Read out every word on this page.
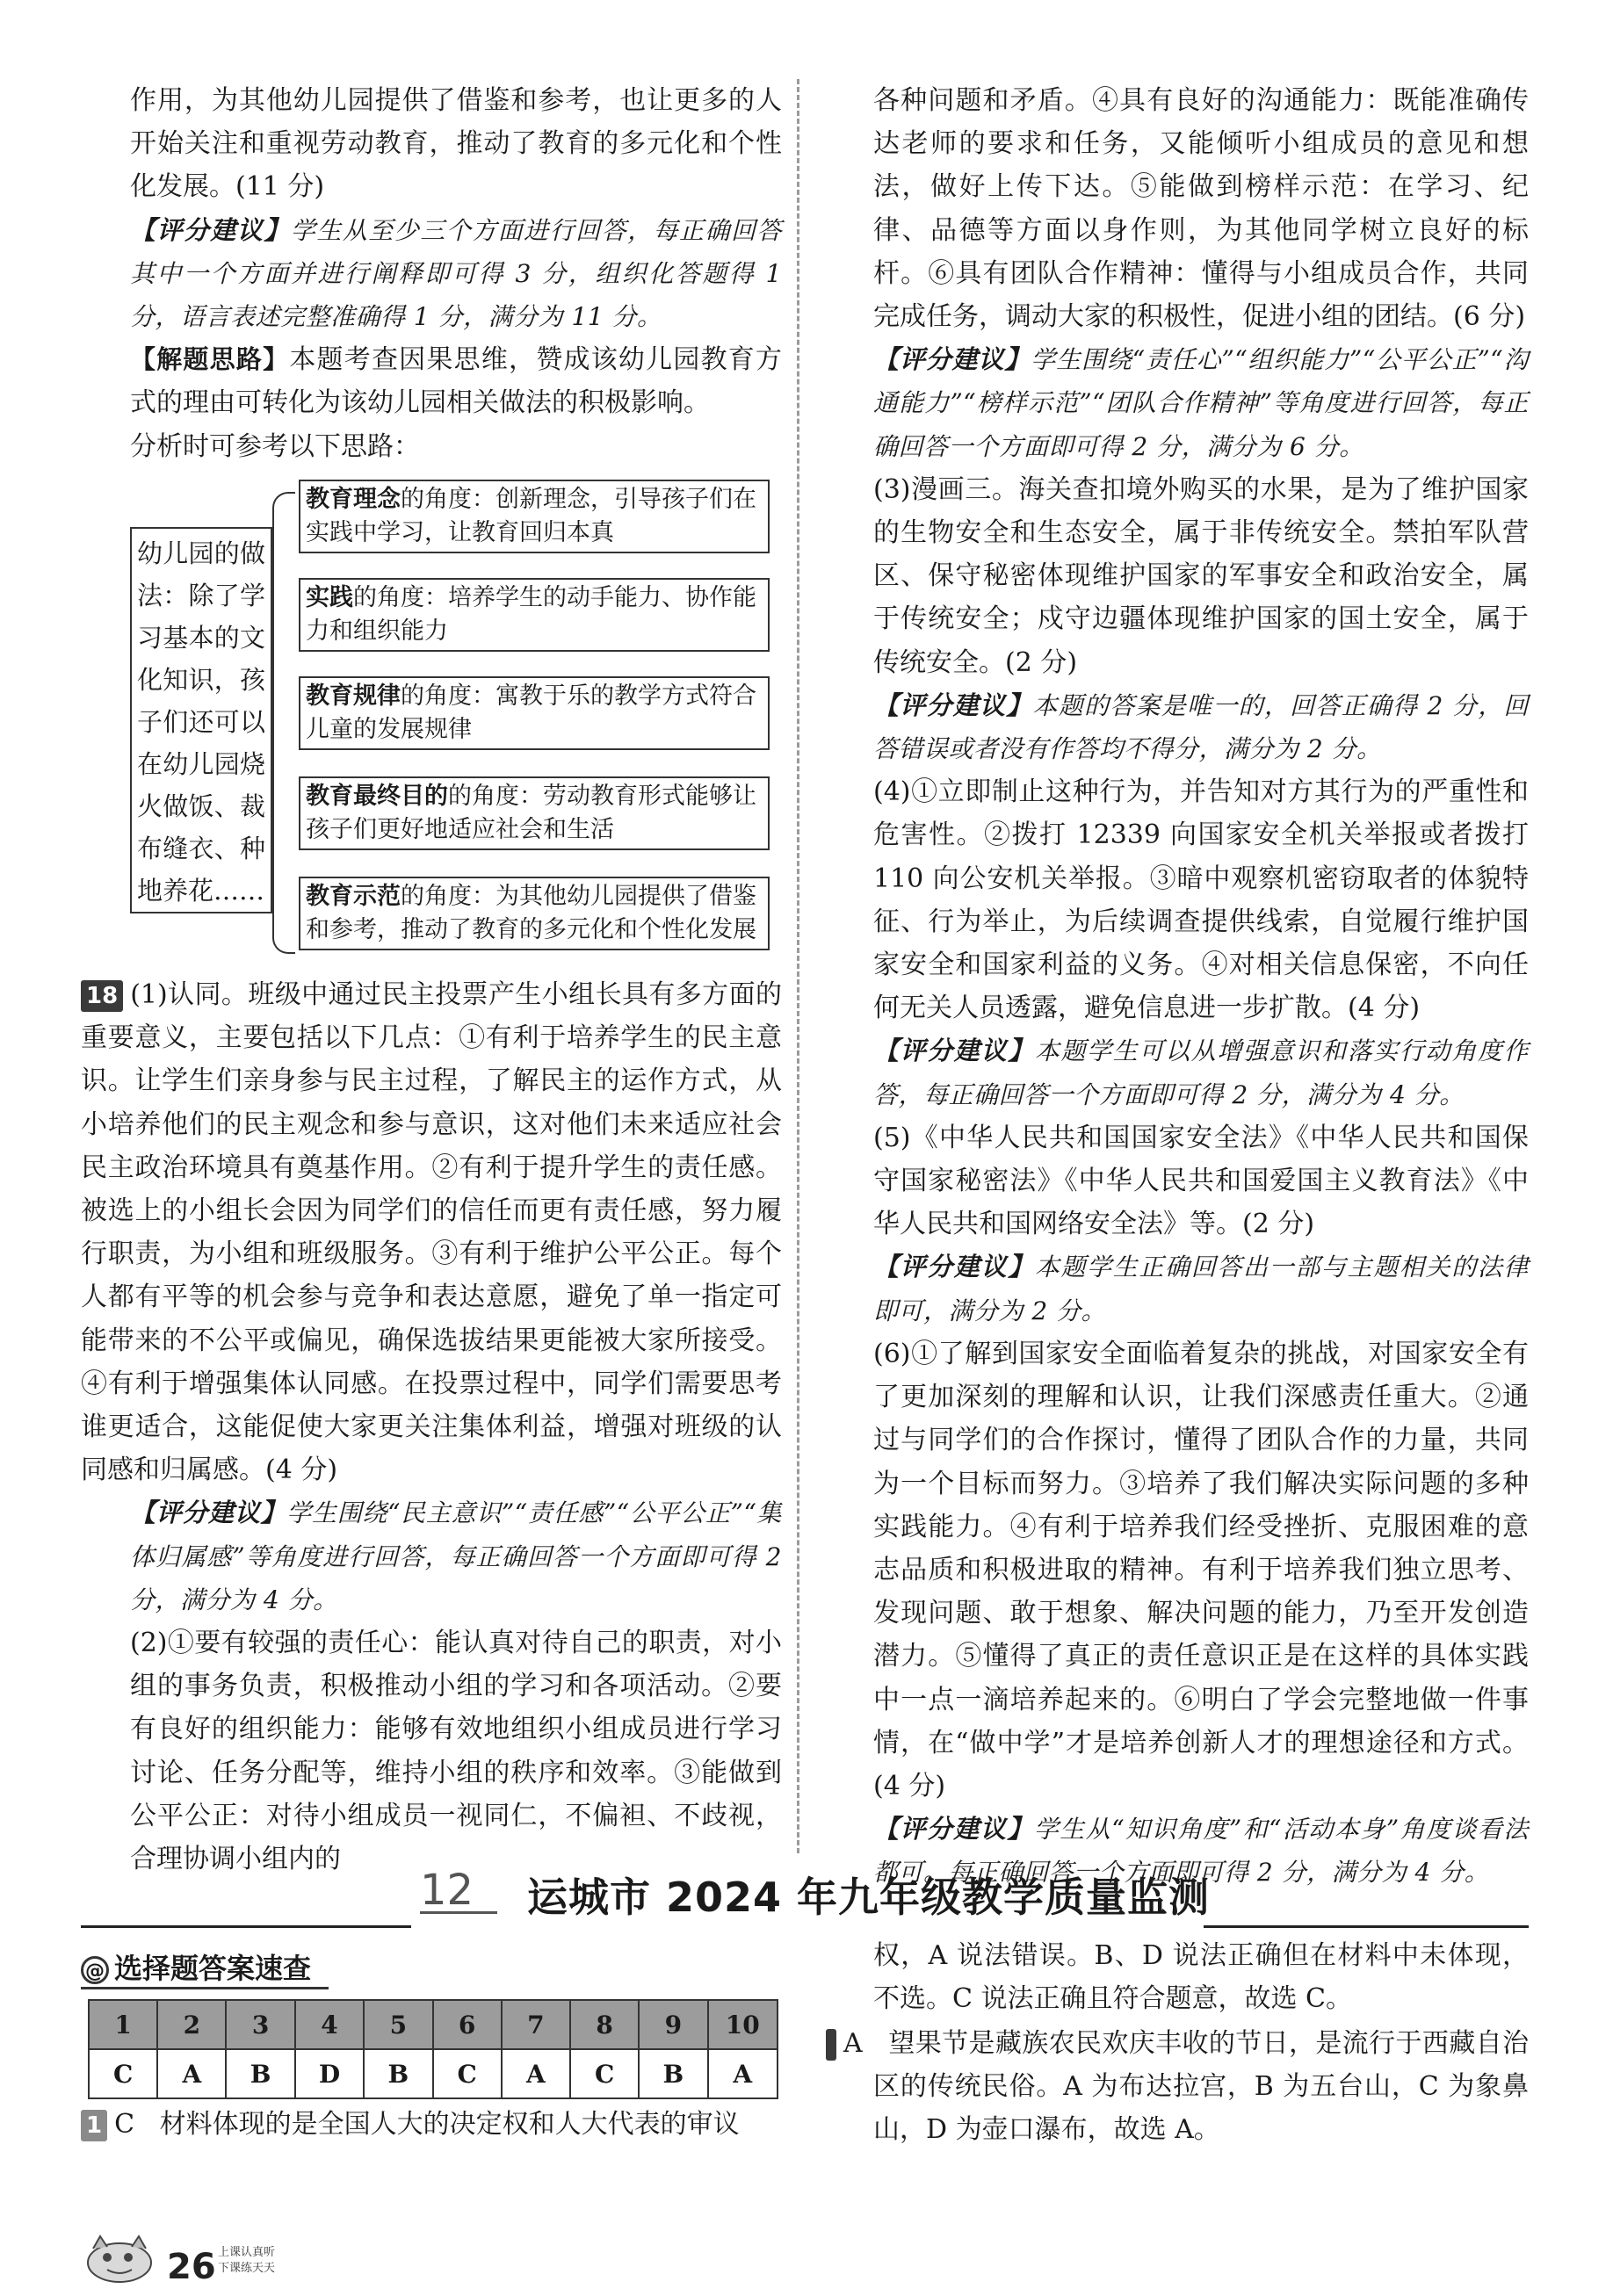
作用，为其他幼儿园提供了借鉴和参考，也让更多的人开始关注和重视劳动教育，推动了教育的多元化和个性化发展。(11 分)

【评分建议】学生从至少三个方面进行回答，每正确回答其中一个方面并进行阐释即可得 3 分，组织化答题得 1 分，语言表述完整准确得 1 分，满分为 11 分。

【解题思路】本题考查因果思维，赞成该幼儿园教育方式的理由可转化为该幼儿园相关做法的积极影响。

分析时可参考以下思路：

幼儿园的做法：除了学习基本的文化知识，孩子们还可以在幼儿园烧火做饭、裁布缝衣、种地养花……
教育理念的角度：创新理念，引导孩子们在实践中学习，让教育回归本真
实践的角度：培养学生的动手能力、协作能力和组织能力
教育规律的角度：寓教于乐的教学方式符合儿童的发展规律
教育最终目的的角度：劳动教育形式能够让孩子们更好地适应社会和生活
教育示范的角度：为其他幼儿园提供了借鉴和参考，推动了教育的多元化和个性化发展

18 (1)认同。班级中通过民主投票产生小组长具有多方面的重要意义，主要包括以下几点：①有利于培养学生的民主意识。让学生们亲身参与民主过程，了解民主的运作方式，从小培养他们的民主观念和参与意识，这对他们未来适应社会民主政治环境具有奠基作用。②有利于提升学生的责任感。被选上的小组长会因为同学们的信任而更有责任感，努力履行职责，为小组和班级服务。③有利于维护公平公正。每个人都有平等的机会参与竞争和表达意愿，避免了单一指定可能带来的不公平或偏见，确保选拔结果更能被大家所接受。④有利于增强集体认同感。在投票过程中，同学们需要思考谁更适合，这能促使大家更关注集体利益，增强对班级的认同感和归属感。(4 分)

【评分建议】学生围绕“民主意识”“责任感”“公平公正”“集体归属感”等角度进行回答，每正确回答一个方面即可得 2 分，满分为 4 分。

(2)①要有较强的责任心：能认真对待自己的职责，对小组的事务负责，积极推动小组的学习和各项活动。②要有良好的组织能力：能够有效地组织小组成员进行学习讨论、任务分配等，维持小组的秩序和效率。③能做到公平公正：对待小组成员一视同仁，不偏袒、不歧视，合理协调小组内的

各种问题和矛盾。④具有良好的沟通能力：既能准确传达老师的要求和任务，又能倾听小组成员的意见和想法，做好上传下达。⑤能做到榜样示范：在学习、纪律、品德等方面以身作则，为其他同学树立良好的标杆。⑥具有团队合作精神：懂得与小组成员合作，共同完成任务，调动大家的积极性，促进小组的团结。(6 分)

【评分建议】学生围绕“责任心”“组织能力”“公平公正”“沟通能力”“榜样示范”“团队合作精神”等角度进行回答，每正确回答一个方面即可得 2 分，满分为 6 分。

(3)漫画三。海关查扣境外购买的水果，是为了维护国家的生物安全和生态安全，属于非传统安全。禁拍军队营区、保守秘密体现维护国家的军事安全和政治安全，属于传统安全；戍守边疆体现维护国家的国土安全，属于传统安全。(2 分)

【评分建议】本题的答案是唯一的，回答正确得 2 分，回答错误或者没有作答均不得分，满分为 2 分。

(4)①立即制止这种行为，并告知对方其行为的严重性和危害性。②拨打 12339 向国家安全机关举报或者拨打 110 向公安机关举报。③暗中观察机密窃取者的体貌特征、行为举止，为后续调查提供线索，自觉履行维护国家安全和国家利益的义务。④对相关信息保密，不向任何无关人员透露，避免信息进一步扩散。(4 分)

【评分建议】本题学生可以从增强意识和落实行动角度作答，每正确回答一个方面即可得 2 分，满分为 4 分。

(5)《中华人民共和国国家安全法》《中华人民共和国保守国家秘密法》《中华人民共和国爱国主义教育法》《中华人民共和国网络安全法》等。(2 分)

【评分建议】本题学生正确回答出一部与主题相关的法律即可，满分为 2 分。

(6)①了解到国家安全面临着复杂的挑战，对国家安全有了更加深刻的理解和认识，让我们深感责任重大。②通过与同学们的合作探讨，懂得了团队合作的力量，共同为一个目标而努力。③培养了我们解决实际问题的多种实践能力。④有利于培养我们经受挫折、克服困难的意志品质和积极进取的精神。有利于培养我们独立思考、发现问题、敢于想象、解决问题的能力，乃至开发创造潜力。⑤懂得了真正的责任意识正是在这样的具体实践中一点一滴培养起来的。⑥明白了学会完整地做一件事情，在“做中学”才是培养创新人才的理想途径和方式。(4 分)

【评分建议】学生从“知识角度”和“活动本身”角度谈看法都可。每正确回答一个方面即可得 2 分，满分为 4 分。

12 运城市 2024 年九年级教学质量监测
@ 选择题答案速查
1	2	3	4	5	6	7	8	9	10
C	A	B	D	B	C	A	C	B	A

1 C 材料体现的是全国人大的决定权和人大代表的审议

权，A 说法错误。B、D 说法正确但在材料中未体现，不选。C 说法正确且符合题意，故选 C。

2 A 望果节是藏族农民欢庆丰收的节日，是流行于西藏自治区的传统民俗。A 为布达拉宫，B 为五台山，C 为象鼻山，D 为壶口瀑布，故选 A。

26 上课认真听
下课练天天
